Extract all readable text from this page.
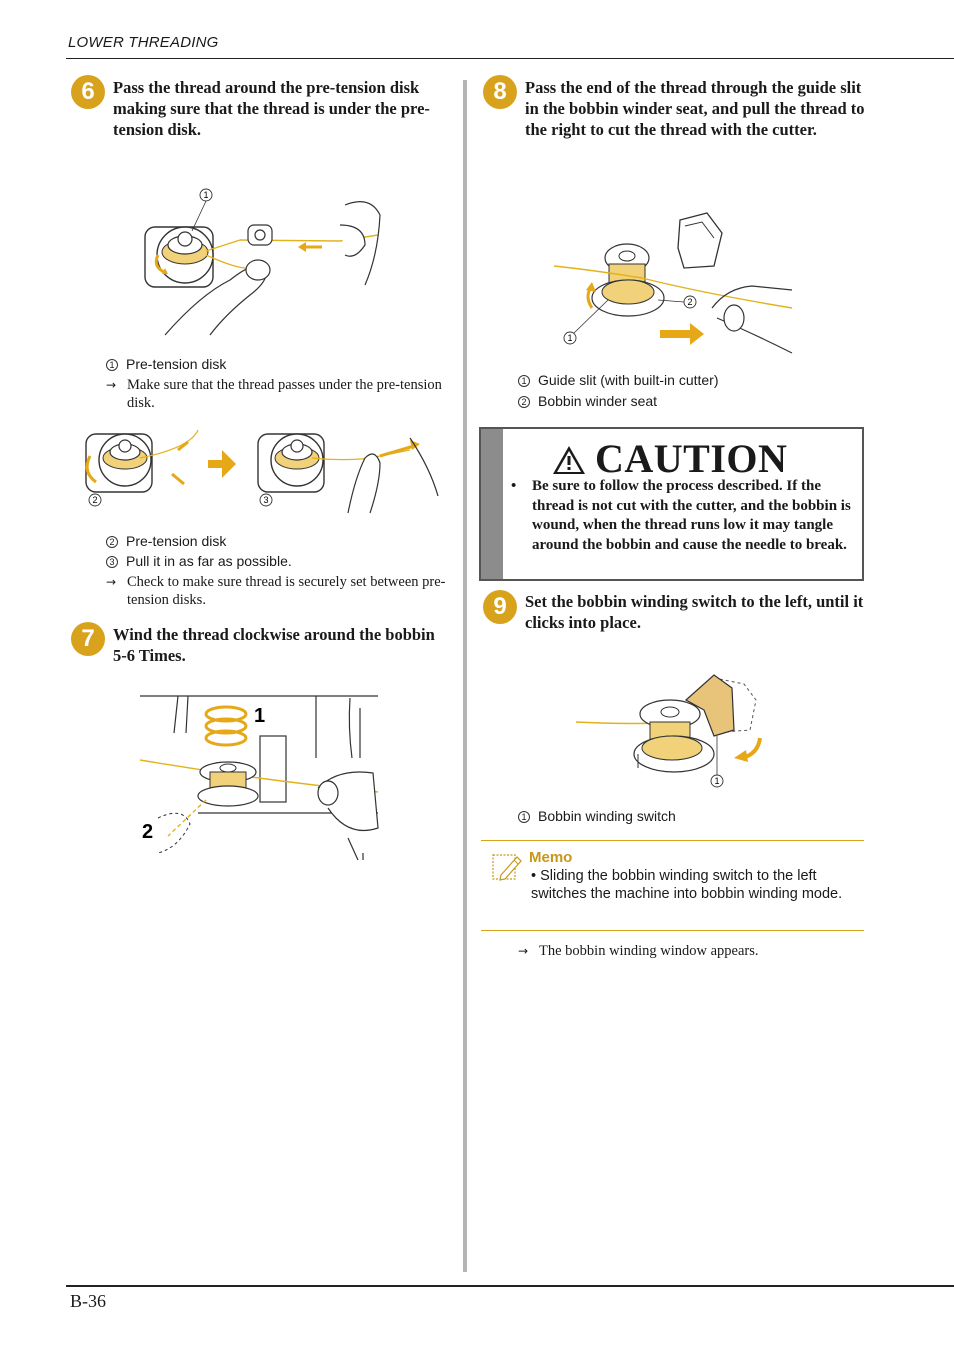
LOWER THREADING
6	Pass the thread around the pre-tension disk making sure that the thread is under the pre-tension disk.
1
1 Pre-tension disk
→ Make sure that the thread passes under the pre-tension disk.
2	3
2 Pre-tension disk
3 Pull it in as far as possible.
→ Check to make sure thread is securely set between pre-tension disks.
7	Wind the thread clockwise around the bobbin 5-6 Times.
1
2
8	Pass the end of the thread through the guide slit in the bobbin winder seat, and pull the thread to the right to cut the thread with the cutter.
2
1
1 Guide slit (with built-in cutter)
2 Bobbin winder seat
CAUTION
•	Be sure to follow the process described. If the thread is not cut with the cutter, and the bobbin is wound, when the thread runs low it may tangle around the bobbin and cause the needle to break.
9	Set the bobbin winding switch to the left, until it clicks into place.
1
1 Bobbin winding switch
Memo
• Sliding the bobbin winding switch to the left switches the machine into bobbin winding mode.
→ The bobbin winding window appears.
B-36
